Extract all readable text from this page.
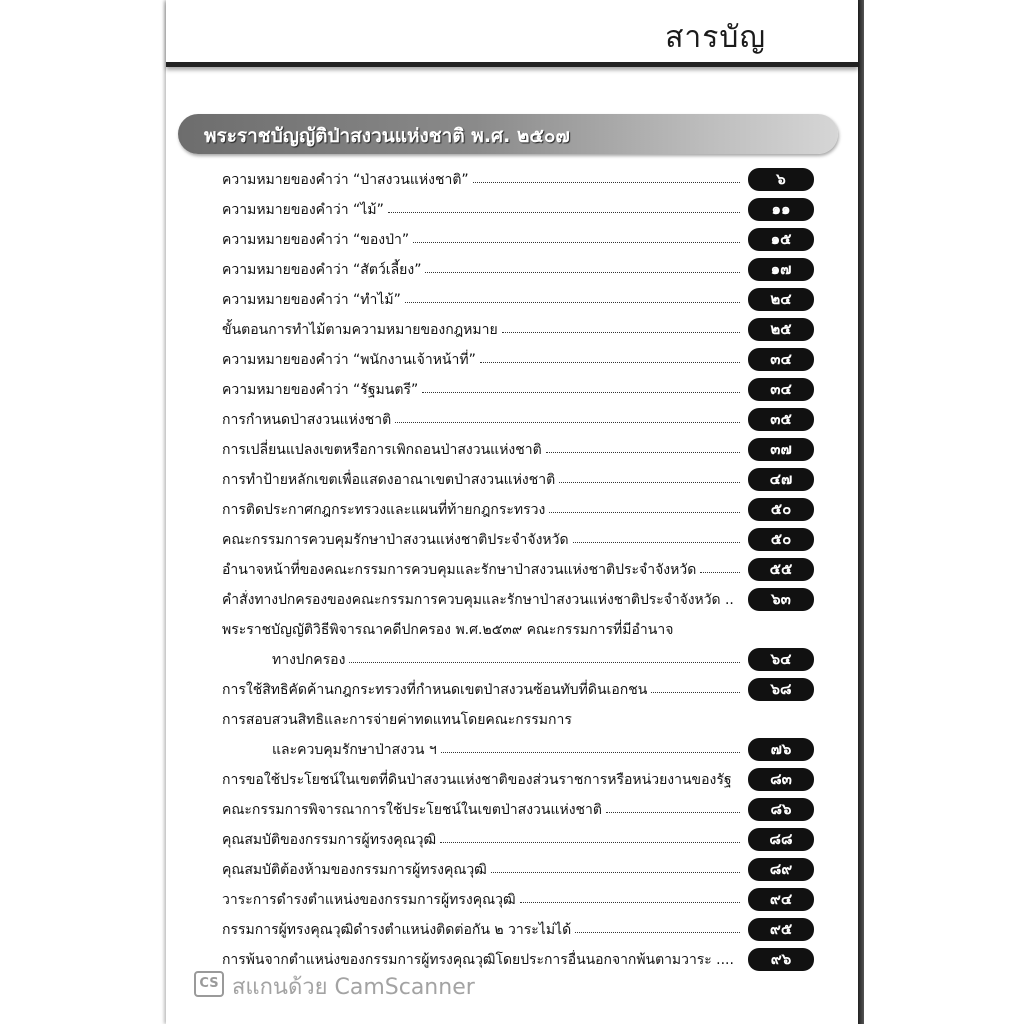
สารบัญ
พระราชบัญญัติป่าสงวนแห่งชาติ พ.ศ. ๒๕๐๗
ความหมายของคำว่า “ป่าสงวนแห่งชาติ”	๖
ความหมายของคำว่า “ไม้”	๑๑
ความหมายของคำว่า “ของป่า”	๑๕
ความหมายของคำว่า “สัตว์เลี้ยง”	๑๗
ความหมายของคำว่า “ทำไม้”	๒๔
ขั้นตอนการทำไม้ตามความหมายของกฎหมาย	๒๕
ความหมายของคำว่า “พนักงานเจ้าหน้าที่”	๓๔
ความหมายของคำว่า “รัฐมนตรี”	๓๔
การกำหนดป่าสงวนแห่งชาติ	๓๕
การเปลี่ยนแปลงเขตหรือการเพิกถอนป่าสงวนแห่งชาติ	๓๗
การทำป้ายหลักเขตเพื่อแสดงอาณาเขตป่าสงวนแห่งชาติ	๔๗
การติดประกาศกฎกระทรวงและแผนที่ท้ายกฎกระทรวง	๕๐
คณะกรรมการควบคุมรักษาป่าสงวนแห่งชาติประจำจังหวัด	๕๐
อำนาจหน้าที่ของคณะกรรมการควบคุมและรักษาป่าสงวนแห่งชาติประจำจังหวัด	๕๕
คำสั่งทางปกครองของคณะกรรมการควบคุมและรักษาป่าสงวนแห่งชาติประจำจังหวัด ..	๖๓
พระราชบัญญัติวิธีพิจารณาคดีปกครอง พ.ศ.๒๕๓๙ คณะกรรมการที่มีอำนาจ
ทางปกครอง	๖๔
การใช้สิทธิคัดค้านกฎกระทรวงที่กำหนดเขตป่าสงวนซ้อนทับที่ดินเอกชน	๖๘
การสอบสวนสิทธิและการจ่ายค่าทดแทนโดยคณะกรรมการ
และควบคุมรักษาป่าสงวน ฯ	๗๖
การขอใช้ประโยชน์ในเขตที่ดินป่าสงวนแห่งชาติของส่วนราชการหรือหน่วยงานของรัฐ	๘๓
คณะกรรมการพิจารณาการใช้ประโยชน์ในเขตป่าสงวนแห่งชาติ	๘๖
คุณสมบัติของกรรมการผู้ทรงคุณวุฒิ	๘๘
คุณสมบัติต้องห้ามของกรรมการผู้ทรงคุณวุฒิ	๘๙
วาระการดำรงตำแหน่งของกรรมการผู้ทรงคุณวุฒิ	๙๔
กรรมการผู้ทรงคุณวุฒิดำรงตำแหน่งติดต่อกัน ๒ วาระไม่ได้	๙๕
การพ้นจากตำแหน่งของกรรมการผู้ทรงคุณวุฒิโดยประการอื่นนอกจากพ้นตามวาระ ....	๙๖
CS สแกนด้วย CamScanner
